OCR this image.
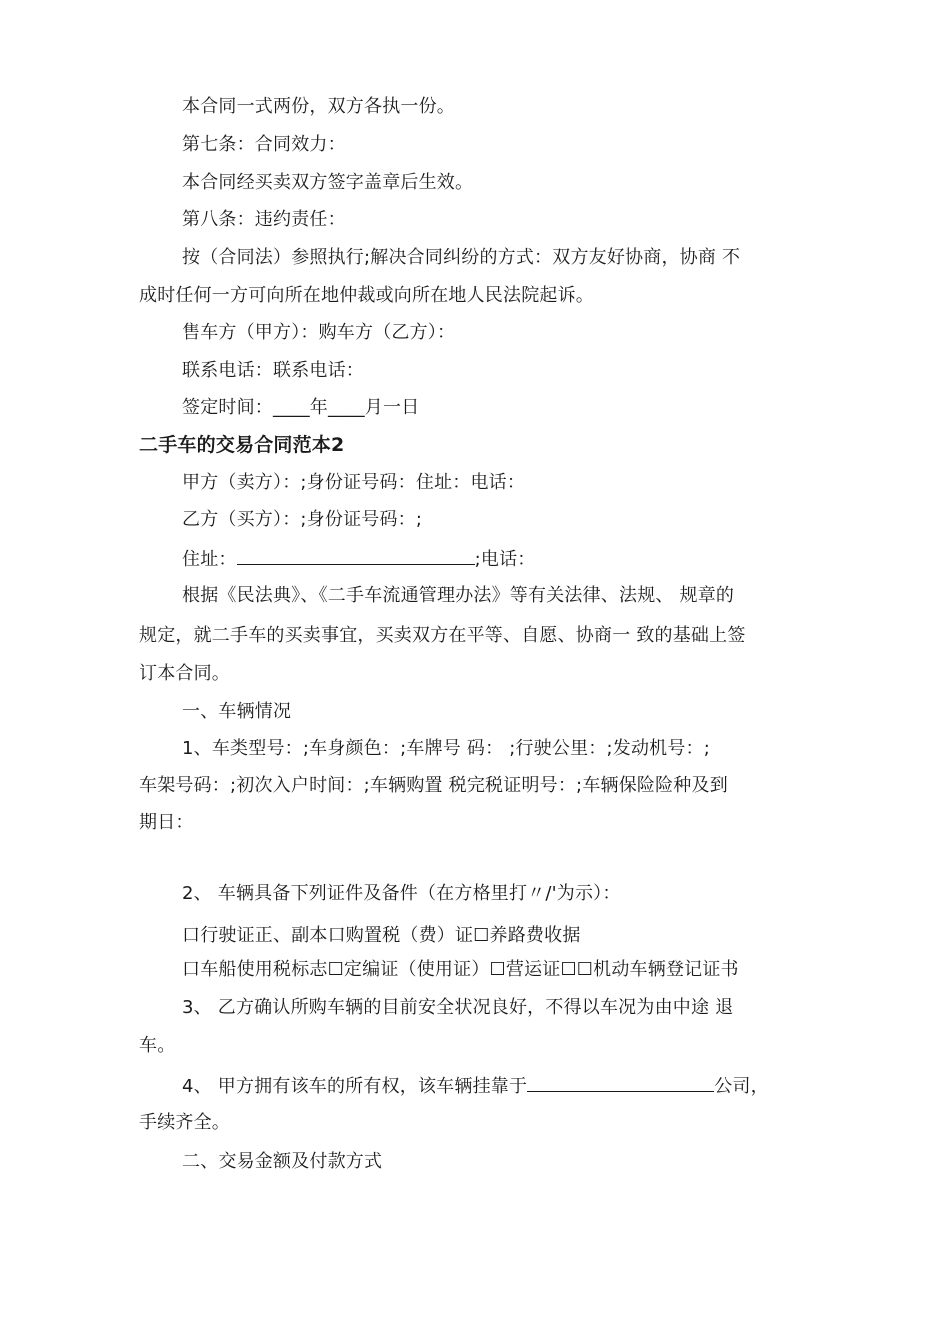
本合同一式两份，双方各执一份。
第七条：合同效力：
本合同经买卖双方签字盖章后生效。
第八条：违约责任：
按（合同法）参照执行;解决合同纠纷的方式：双方友好协商，协商 不
成时任何一方可向所在地仲裁或向所在地人民法院起诉。
售车方（甲方）：购车方（乙方）：
联系电话：联系电话：
签定时间：____年____月一日
二手车的交易合同范本2
甲方（卖方）：;身份证号码：住址：电话：
乙方（买方）：;身份证号码：;
住址：	;电话：
根据《民法典》、《二手车流通管理办法》等有关法律、法规、 规章的
规定，就二手车的买卖事宜，买卖双方在平等、自愿、协商一 致的基础上签
订本合同。
一、车辆情况
1、车类型号：;车身颜色：;车牌号 码： ;行驶公里：;发动机号：;
车架号码：;初次入户时间：;车辆购置 税完税证明号：;车辆保险险种及到
期日：
2、 车辆具备下列证件及备件（在方格里打〃/'为示）：
口行驶证正、副本口购置税（费）证☐养路费收据
口车船使用税标志☐定编证（使用证）☐营运证☐☐机动车辆登记证书
3、 乙方确认所购车辆的目前安全状况良好，不得以车况为由中途 退
车。
4、 甲方拥有该车的所有权，该车辆挂靠于	公司，
手续齐全。
二、交易金额及付款方式
